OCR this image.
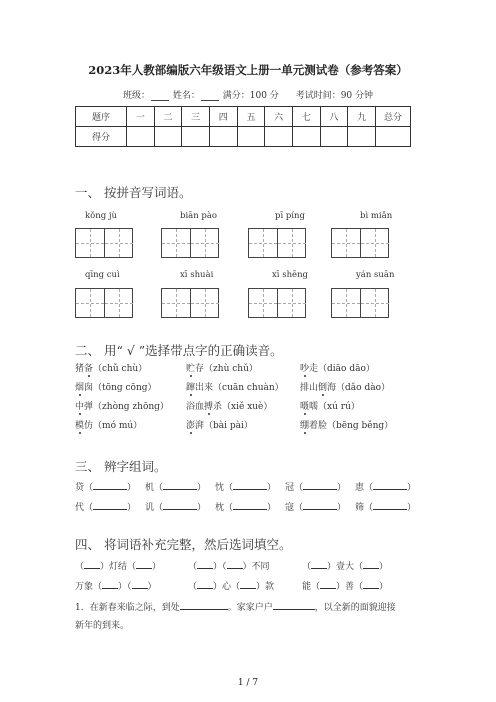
2023年人教部编版六年级语文上册一单元测试卷（参考答案）
班级：	姓名：	满分：100 分 考试时间：90 分钟
题序	一	二	三	四	五	六	七	八	九	总分
得分										
一、 按拼音写词语。
kǒng jù	biān pào	pī píng	bì miǎn
qīng cuì	xī shuài	xī shēng	yán suān
二、 用“ √ ”选择带点字的正确读音。
猪备（chǔ chù）	贮存（zhù chǔ）	吵走（diāo dāo）
烟囱（tōng cōng）	蹿出来（cuān chuàn） 排山倒海（dǎo dào）
中弹（zhòng zhōng） 浴血搏杀（xiě xuè）	嗫嚅（xú rú）
模仿（mó mú）	澎湃（bài pài）	绷着脸（bēng běng）
三、 辨字组词。
贷（	） 机（	） 忱（	） 冠（	） 恵（	）
代（	） 讥（	） 枕（	） 寇（	） 筛（	）
四、 将词语补充完整，然后选词填空。
（ ）灯结（ ）	（ ）（ ）不同	（ ）壹大（ ）
万象（ ）（ ）	（ ）心（ ）款	能（ ）善（ ）
1．在新春来临之际，到处	。家家户户	，以全新的面貌迎接
新年的到来。
1 / 7
